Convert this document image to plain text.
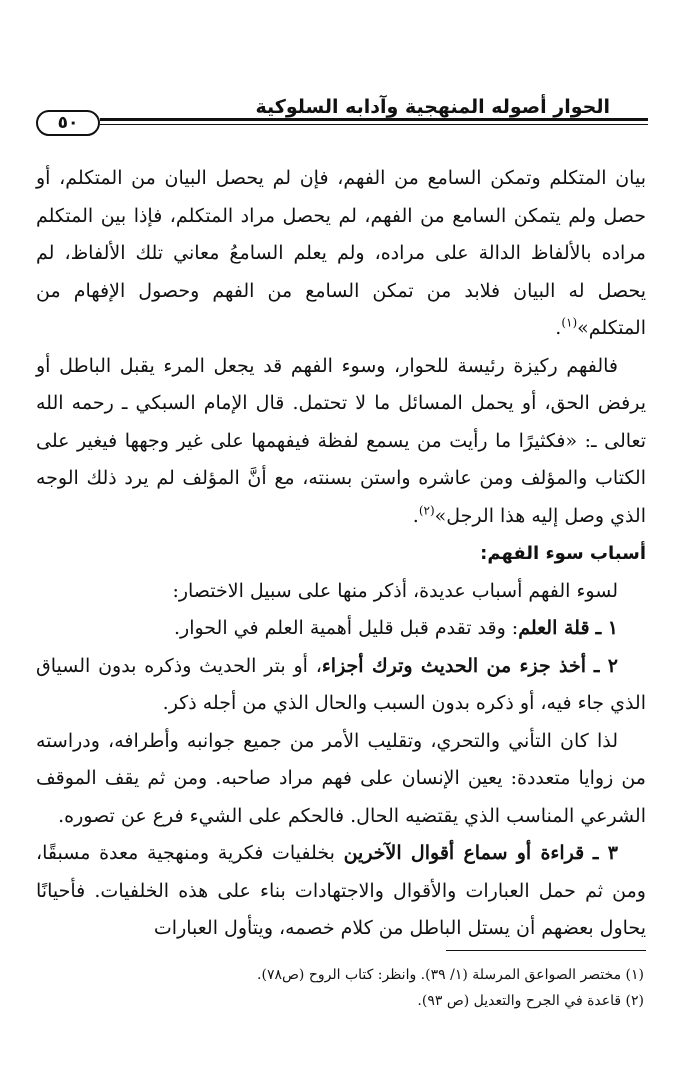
الحوار أصوله المنهجية وآدابه السلوكية
٥٠

بيان المتكلم وتمكن السامع من الفهم، فإن لم يحصل البيان من المتكلم، أو حصل ولم يتمكن السامع من الفهم، لم يحصل مراد المتكلم، فإذا بين المتكلم مراده بالألفاظ الدالة على مراده، ولم يعلم السامعُ معاني تلك الألفاظ، لم يحصل له البيان فلابد من تمكن السامع من الفهم وحصول الإفهام من المتكلم»$^{(١)}$.

فالفهم ركيزة رئيسة للحوار، وسوء الفهم قد يجعل المرء يقبل الباطل أو يرفض الحق، أو يحمل المسائل ما لا تحتمل. قال الإمام السبكي ـ رحمه الله تعالى ـ: «فكثيرًا ما رأيت من يسمع لفظة فيفهمها على غير وجهها فيغير على الكتاب والمؤلف ومن عاشره واستن بسنته، مع أنَّ المؤلف لم يرد ذلك الوجه الذي وصل إليه هذا الرجل»$^{(٢)}$.

أسباب سوء الفهم:

لسوء الفهم أسباب عديدة، أذكر منها على سبيل الاختصار:

١ ـ قلة العلم: وقد تقدم قبل قليل أهمية العلم في الحوار.

٢ ـ أخذ جزء من الحديث وترك أجزاء، أو بتر الحديث وذكره بدون السياق الذي جاء فيه، أو ذكره بدون السبب والحال الذي من أجله ذكر.

لذا كان التأني والتحري، وتقليب الأمر من جميع جوانبه وأطرافه، ودراسته من زوايا متعددة: يعين الإنسان على فهم مراد صاحبه. ومن ثم يقف الموقف الشرعي المناسب الذي يقتضيه الحال. فالحكم على الشيء فرع عن تصوره.

٣ ـ قراءة أو سماع أقوال الآخرين بخلفيات فكرية ومنهجية معدة مسبقًا، ومن ثم حمل العبارات والأقوال والاجتهادات بناء على هذه الخلفيات. فأحيانًا يحاول بعضهم أن يستل الباطل من كلام خصمه، ويتأول العبارات

(١) مختصر الصواعق المرسلة (١/ ٣٩). وانظر: كتاب الروح (ص٧٨).

(٢) قاعدة في الجرح والتعديل (ص ٩٣).
